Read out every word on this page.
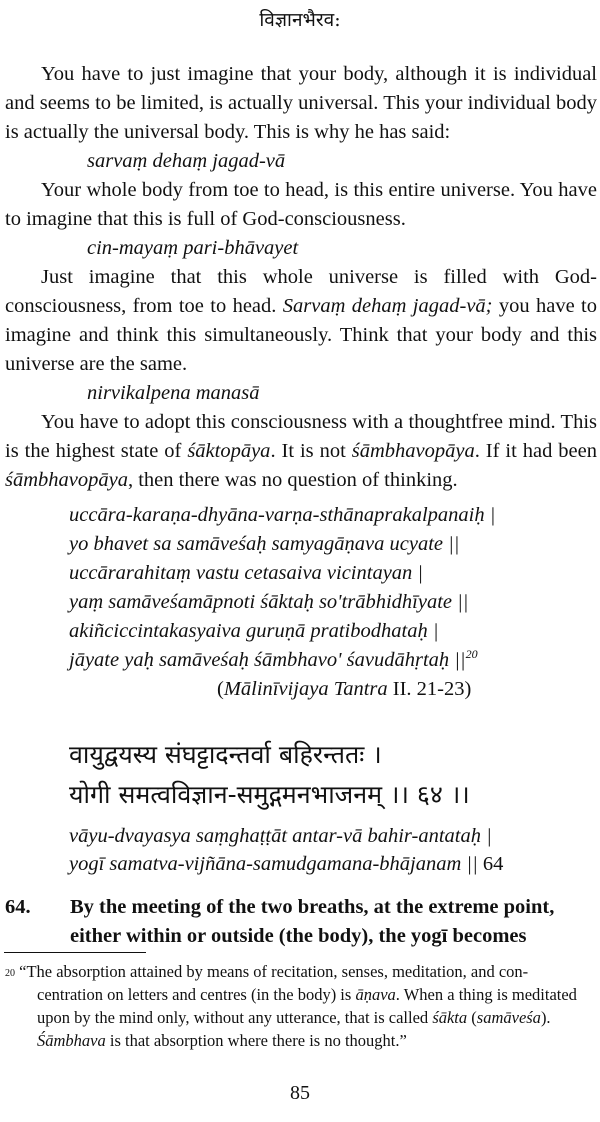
विज्ञानभैरव:

You have to just imagine that your body, although it is individual and seems to be limited, is actually universal. This your individual body is actually the universal body. This is why he has said:

sarvaṃ dehaṃ jagad-vā

Your whole body from toe to head, is this entire universe. You have to imagine that this is full of God-consciousness.

cin-mayaṃ pari-bhāvayet

Just imagine that this whole universe is filled with God-consciousness, from toe to head. Sarvaṃ dehaṃ jagad-vā; you have to imagine and think this simultaneously. Think that your body and this universe are the same.

nirvikalpena manasā

You have to adopt this consciousness with a thoughtfree mind. This is the highest state of śāktopāya. It is not śāmbhavopāya. If it had been śāmbhavopāya, then there was no question of thinking.

uccāra-karaṇa-dhyāna-varṇa-sthānaprakalpanaiḥ |

yo bhavet sa samāveśaḥ samyagāṇava ucyate ||

uccārarahitaṃ vastu cetasaiva vicintayan |

yaṃ samāveśamāpnoti śāktaḥ so'trābhidhīyate ||

akiñciccintakasyaiva guruṇā pratibodhataḥ |

jāyate yaḥ samāveśaḥ śāmbhavo' śavudāhṛtaḥ $||^{20}$

(Mālinīvijaya Tantra II. 21-23)

वायुद्वयस्य संघट्टादन्तर्वा बहिरन्ततः ।

योगी समत्वविज्ञान-समुद्गमनभाजनम् ।। ६४ ।।

vāyu-dvayasya saṃghaṭṭāt antar-vā bahir-antataḥ |

yogī samatva-vijñāna-samudgamana-bhājanam || 64

64. By the meeting of the two breaths, at the extreme point,
either within or outside (the body), the yogī becomes

$^{20}$ “The absorption attained by means of recitation, senses, meditation, and con-
centration on letters and centres (in the body) is āṇava. When a thing is meditated
upon by the mind only, without any utterance, that is called śākta (samāveśa).
Śāmbhava is that absorption where there is no thought.”

85
